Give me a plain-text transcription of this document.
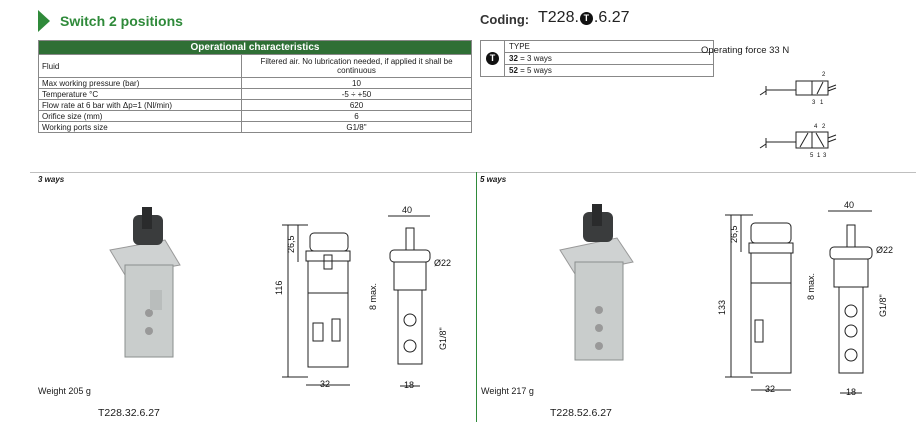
Switch 2 positions	Coding: T228. T .6.27
Operational characteristics	
Fluid	Filtered air. No lubrication needed, if applied it shall be continuous
Max working pressure (bar)	10
Temperature °C	-5 ÷ +50
Flow rate at 6 bar with Δp=1 (Nl/min)	620
Orifice size (mm)	6
Working ports size	G1/8"
T	TYPE
32 = 3 ways
52 = 5 ways
Operating force 33 N
2
3 1
4 2
5 1 3
3 ways
116
26,5
32
40
Ø22
8 max.
G1/8"
18
Weight 205 g
T228.32.6.27
5 ways
133
26,5
32
40
Ø22
8 max.
G1/8"
18
Weight 217 g
T228.52.6.27
